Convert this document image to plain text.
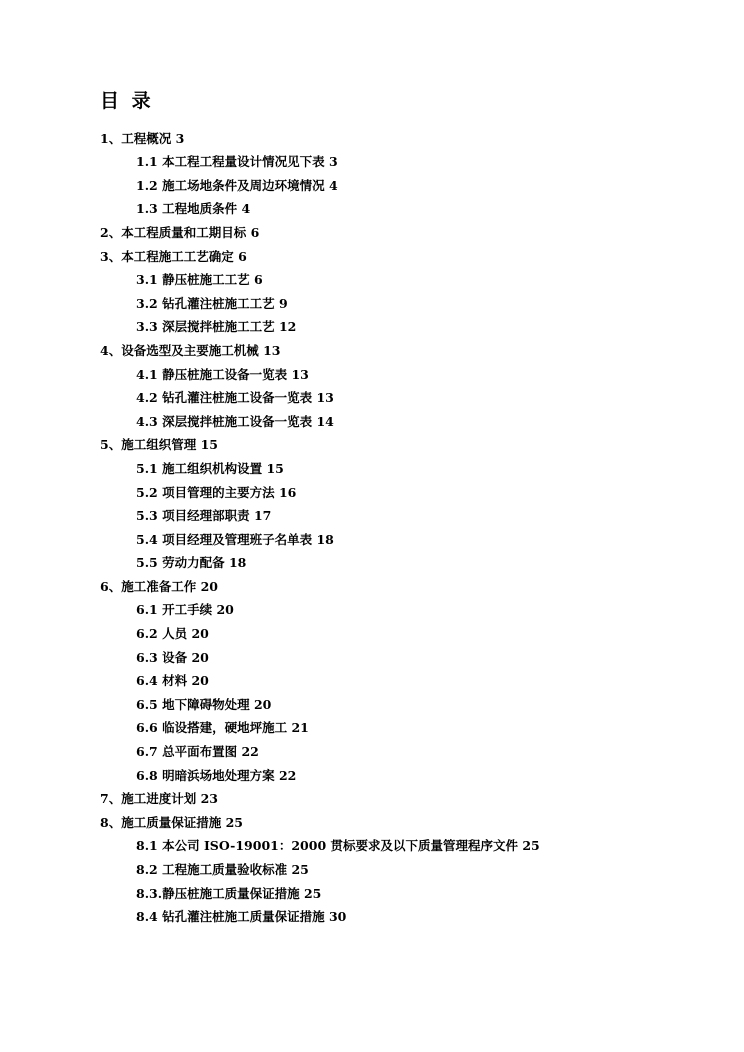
目 录
1、工程概况 3
1.1 本工程工程量设计情况见下表 3
1.2 施工场地条件及周边环境情况 4
1.3 工程地质条件 4
2、本工程质量和工期目标 6
3、本工程施工工艺确定 6
3.1 静压桩施工工艺 6
3.2 钻孔灌注桩施工工艺 9
3.3 深层搅拌桩施工工艺 12
4、设备选型及主要施工机械 13
4.1 静压桩施工设备一览表 13
4.2 钻孔灌注桩施工设备一览表 13
4.3 深层搅拌桩施工设备一览表 14
5、施工组织管理 15
5.1 施工组织机构设置 15
5.2 项目管理的主要方法 16
5.3 项目经理部职责 17
5.4 项目经理及管理班子名单表 18
5.5 劳动力配备 18
6、施工准备工作 20
6.1 开工手续 20
6.2 人员 20
6.3 设备 20
6.4 材料 20
6.5 地下障碍物处理 20
6.6 临设搭建，硬地坪施工 21
6.7 总平面布置图 22
6.8 明暗浜场地处理方案 22
7、施工进度计划 23
8、施工质量保证措施 25
8.1 本公司 ISO-19001：2000 贯标要求及以下质量管理程序文件 25
8.2 工程施工质量验收标准 25
8.3.静压桩施工质量保证措施 25
8.4 钻孔灌注桩施工质量保证措施 30
